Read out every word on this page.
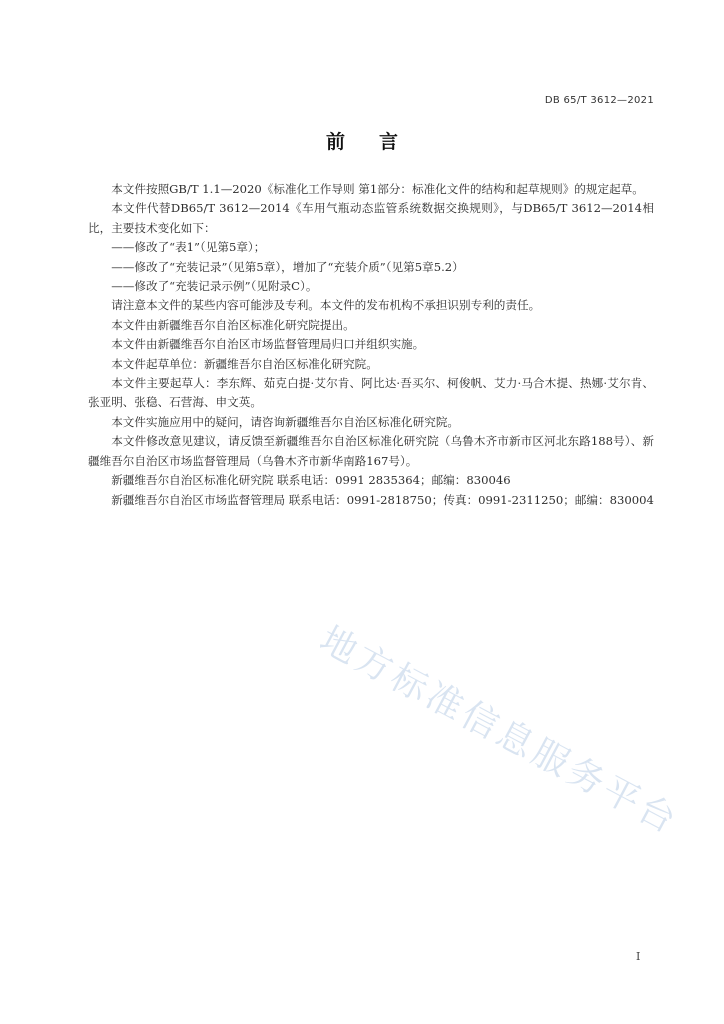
DB 65/T 3612—2021
前言

本文件按照GB/T 1.1—2020《标准化工作导则 第1部分：标准化文件的结构和起草规则》的规定起草。

本文件代替DB65/T 3612—2014《车用气瓶动态监管系统数据交换规则》，与DB65/T 3612—2014相比，主要技术变化如下：

——修改了“表1”（见第5章）；

——修改了“充装记录”（见第5章），增加了“充装介质”（见第5章5.2）

——修改了“充装记录示例”（见附录C）。

请注意本文件的某些内容可能涉及专利。本文件的发布机构不承担识别专利的责任。

本文件由新疆维吾尔自治区标准化研究院提出。

本文件由新疆维吾尔自治区市场监督管理局归口并组织实施。

本文件起草单位：新疆维吾尔自治区标准化研究院。

本文件主要起草人：李东辉、茹克白提·艾尔肯、阿比达·吾买尔、柯俊帆、艾力·马合木提、热娜·艾尔肯、张亚明、张稳、石营海、申文英。

本文件实施应用中的疑问，请咨询新疆维吾尔自治区标准化研究院。

本文件修改意见建议，请反馈至新疆维吾尔自治区标准化研究院（乌鲁木齐市新市区河北东路188号）、新疆维吾尔自治区市场监督管理局（乌鲁木齐市新华南路167号）。

新疆维吾尔自治区标准化研究院 联系电话：0991 2835364；邮编：830046

新疆维吾尔自治区市场监督管理局 联系电话：0991-2818750；传真：0991-2311250；邮编：830004

地方标准信息服务平台
I
